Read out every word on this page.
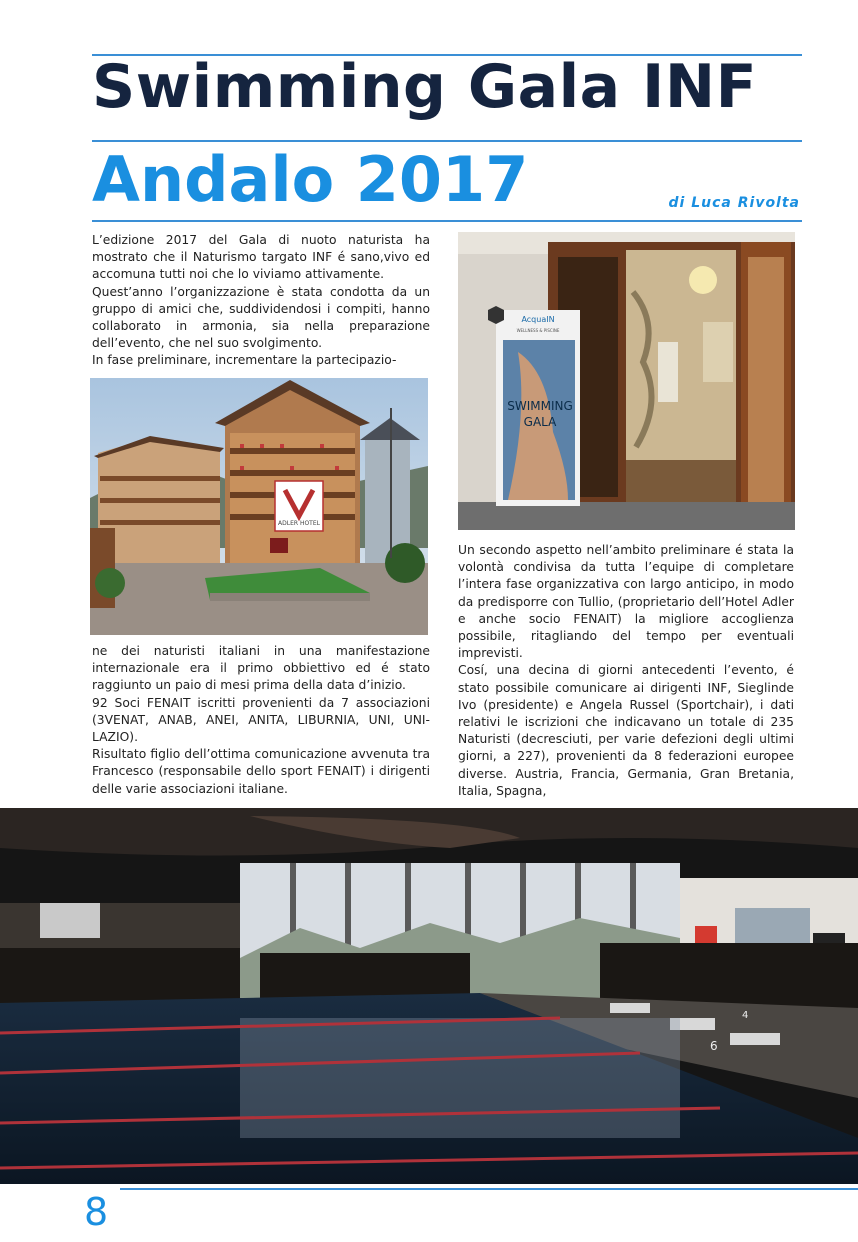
Swimming Gala INF
Andalo 2017	di Luca Rivolta

L’edizione 2017 del Gala di nuoto naturista ha mostrato che il Naturismo targato INF é sano,vivo ed accomuna tutti noi che lo viviamo attivamente.

Quest’anno l’organizzazione è stata condotta da un gruppo di amici che, suddividendosi i compiti, hanno collaborato in armonia, sia nella preparazione dell’evento, che nel suo svolgimento.

In fase preliminare, incrementare la partecipazio-

ADLER HOTEL

ne dei naturisti italiani in una manifestazione internazionale era il primo obbiettivo ed é stato raggiunto un paio di mesi prima della data d’inizio.

92 Soci FENAIT iscritti provenienti da 7 associazioni (3VENAT, ANAB, ANEI, ANITA, LIBURNIA, UNI, UNI-LAZIO).

Risultato figlio dell’ottima comunicazione avvenuta tra Francesco (responsabile dello sport FENAIT) i dirigenti delle varie associazioni italiane.

AcquaIN
WELLNESS & PISCINE
SWIMMING
GALA

Un secondo aspetto nell’ambito preliminare é stata la volontà condivisa da tutta l’equipe di completare l’intera fase organizzativa con largo anticipo, in modo da predisporre con Tullio, (proprietario dell’Hotel Adler e anche socio FENAIT) la migliore accoglienza possibile, ritagliando del tempo per eventuali imprevisti.

Cosí, una decina di giorni antecedenti l’evento, é stato possibile comunicare ai dirigenti INF, Sieglinde Ivo (presidente) e Angela Russel (Sportchair), i dati relativi le iscrizioni che indicavano un totale di 235 Naturisti (decresciuti, per varie defezioni degli ultimi giorni, a 227), provenienti da 8 federazioni europee diverse. Austria, Francia, Germania, Gran Bretania, Italia, Spagna,

6
4
8
